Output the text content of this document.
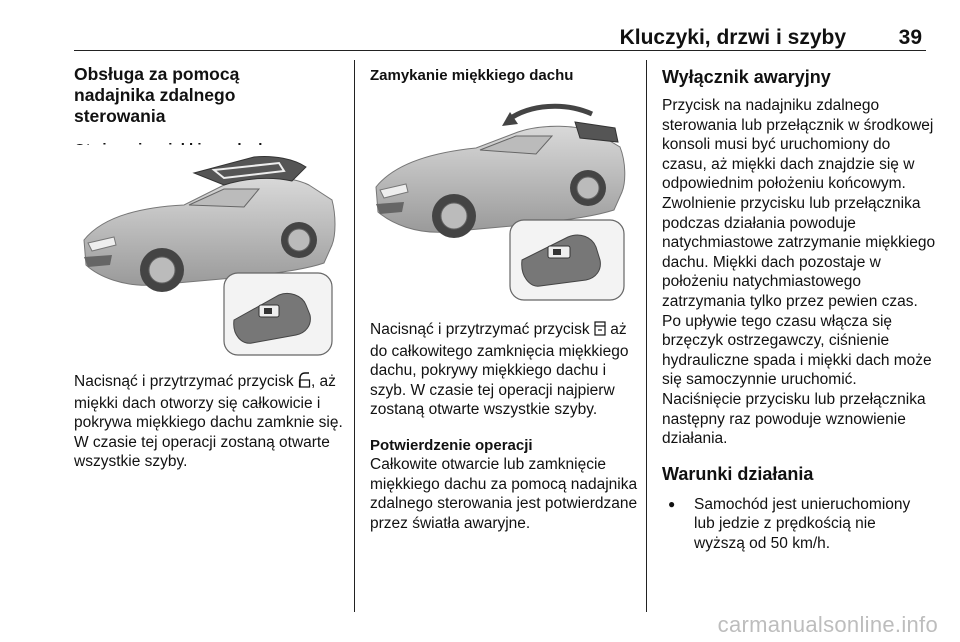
Kluczyki, drzwi i szyby	39

Obsługa za pomocą nadajnika zdalnego sterowania

Nacisnąć i przytrzymać przycisk , aż miękki dach otworzy się całkowicie i pokrywa miękkiego dachu zamknie się. W czasie tej operacji zostaną otwarte wszystkie szyby.

Zamykanie miękkiego dachu

Nacisnąć i przytrzymać przycisk  aż do całkowitego zamknięcia miękkiego dachu, pokrywy miękkiego dachu i szyb. W czasie tej operacji najpierw zostaną otwarte wszystkie szyby.

Potwierdzenie operacji

Całkowite otwarcie lub zamknięcie miękkiego dachu za pomocą nadajnika zdalnego sterowania jest potwierdzane przez światła awaryjne.

Wyłącznik awaryjny

Przycisk na nadajniku zdalnego sterowania lub przełącznik w środkowej konsoli musi być uruchomiony do czasu, aż miękki dach znajdzie się w odpowiednim położeniu końcowym. Zwolnienie przycisku lub przełącznika podczas działania powoduje natychmiastowe zatrzymanie miękkiego dachu. Miękki dach pozostaje w położeniu natychmiastowego zatrzymania tylko przez pewien czas. Po upływie tego czasu włącza się brzęczyk ostrzegawczy, ciśnienie hydrauliczne spada i miękki dach może się samoczynnie uruchomić. Naciśnięcie przycisku lub przełącznika następny raz powoduje wznowienie działania.

Warunki działania

●	Samochód jest unieruchomiony lub jedzie z prędkością nie wyższą od 50 km/h.
carmanualsonline.info
